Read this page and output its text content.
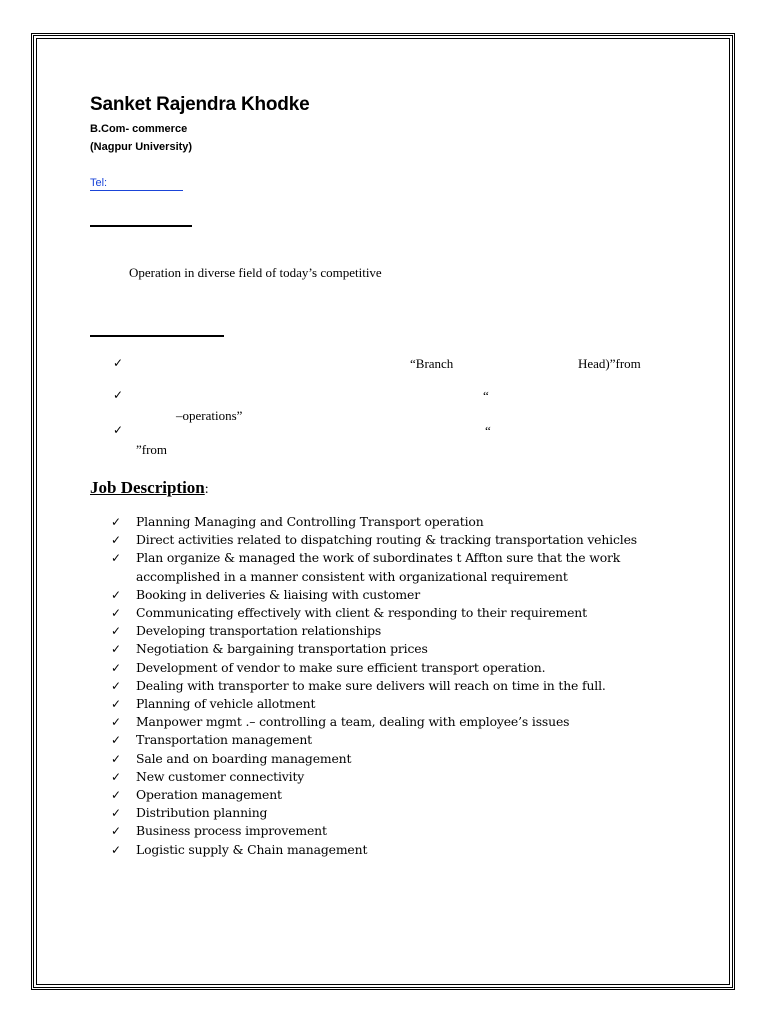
Sanket Rajendra Khodke
B.Com- commerce
(Nagpur University)
Tel:
Operation in diverse field of today’s competitive
✓	“Branch	Head)”from
✓	“
–operations”
✓	“
”from
Job Description:
✓ Planning Managing and Controlling Transport operation
✓ Direct activities related to dispatching routing & tracking transportation vehicles
✓ Plan organize & managed the work of subordinates t Affton sure that the work
accomplished in a manner consistent with organizational requirement
✓ Booking in deliveries & liaising with customer
✓ Communicating effectively with client & responding to their requirement
✓ Developing transportation relationships
✓ Negotiation & bargaining transportation prices
✓ Development of vendor to make sure efficient transport operation.
✓ Dealing with transporter to make sure delivers will reach on time in the full.
✓ Planning of vehicle allotment
✓ Manpower mgmt .– controlling a team, dealing with employee’s issues
✓ Transportation management
✓ Sale and on boarding management
✓ New customer connectivity
✓ Operation management
✓ Distribution planning
✓ Business process improvement
✓ Logistic supply & Chain management
